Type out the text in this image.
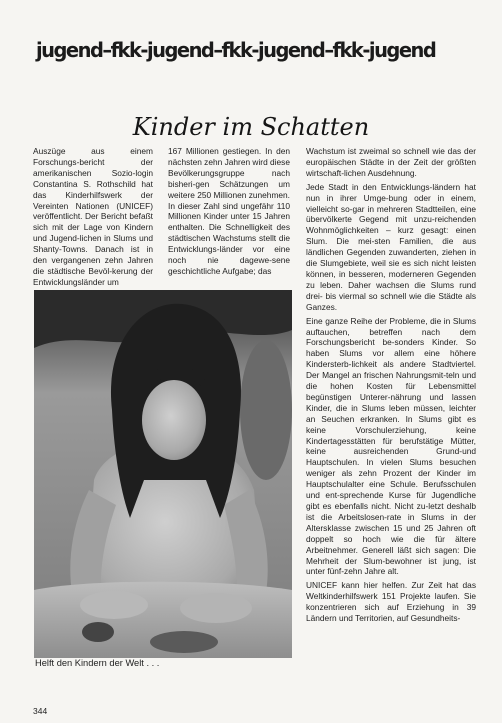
jugend–fkk-jugend–fkk-jugend–fkk-jugend
Kinder im Schatten

Auszüge aus einem Forschungs-bericht der amerikanischen Sozio-login Constantina S. Rothschild hat das Kinderhilfswerk der Vereinten Nationen (UNICEF) veröffentlicht. Der Bericht befaßt sich mit der Lage von Kindern und Jugend-lichen in Slums und Shanty-Towns. Danach ist in den vergangenen zehn Jahren die städtische Bevöl-kerung der Entwicklungsländer um

167 Millionen gestiegen. In den nächsten zehn Jahren wird diese Bevölkerungsgruppe nach bisheri-gen Schätzungen um weitere 250 Millionen zunehmen. In dieser Zahl sind ungefähr 110 Millionen Kinder unter 15 Jahren enthalten. Die Schnelligkeit des städtischen Wachstums stellt die Entwicklungs-länder vor eine noch nie dagewe-sene geschichtliche Aufgabe; das

Wachstum ist zweimal so schnell wie das der europäischen Städte in der Zeit der größten wirtschaft-lichen Ausdehnung.

Jede Stadt in den Entwicklungs-ländern hat nun in ihrer Umge-bung oder in einem, vielleicht so-gar in mehreren Stadtteilen, eine übervölkerte Gegend mit unzu-reichenden Wohnmöglichkeiten – kurz gesagt: einen Slum. Die mei-sten Familien, die aus ländlichen Gegenden zuwanderten, ziehen in die Slumgebiete, weil sie es sich nicht leisten können, in besseren, moderneren Gegenden zu leben. Daher wachsen die Slums rund drei- bis viermal so schnell wie die Städte als Ganzes.

Eine ganze Reihe der Probleme, die in Slums auftauchen, betreffen nach dem Forschungsbericht be-sonders Kinder. So haben Slums vor allem eine höhere Kindersterb-lichkeit als andere Stadtviertel. Der Mangel an frischen Nahrungsmit-teln und die hohen Kosten für Lebensmittel begünstigen Unterer-nährung und lassen Kinder, die in Slums leben müssen, leichter an Seuchen erkranken. In Slums gibt es keine Vorschulerziehung, keine Kindertagesstätten für berufstätige Mütter, keine ausreichenden Grund-und Hauptschulen. In vielen Slums besuchen weniger als zehn Prozent der Kinder im Hauptschulalter eine Schule. Berufsschulen und ent-sprechende Kurse für Jugendliche gibt es ebenfalls nicht. Nicht zu-letzt deshalb ist die Arbeitslosen-rate in Slums in der Altersklasse zwischen 15 und 25 Jahren oft doppelt so hoch wie die für ältere Arbeitnehmer. Generell läßt sich sagen: Die Mehrheit der Slum-bewohner ist jung, ist unter fünf-zehn Jahre alt.

UNICEF kann hier helfen. Zur Zeit hat das Weltkinderhilfswerk 151 Projekte laufen. Sie konzentrieren sich auf Erziehung in 39 Ländern und Territorien, auf Gesundheits-

Helft den Kindern der Welt . . .
344
